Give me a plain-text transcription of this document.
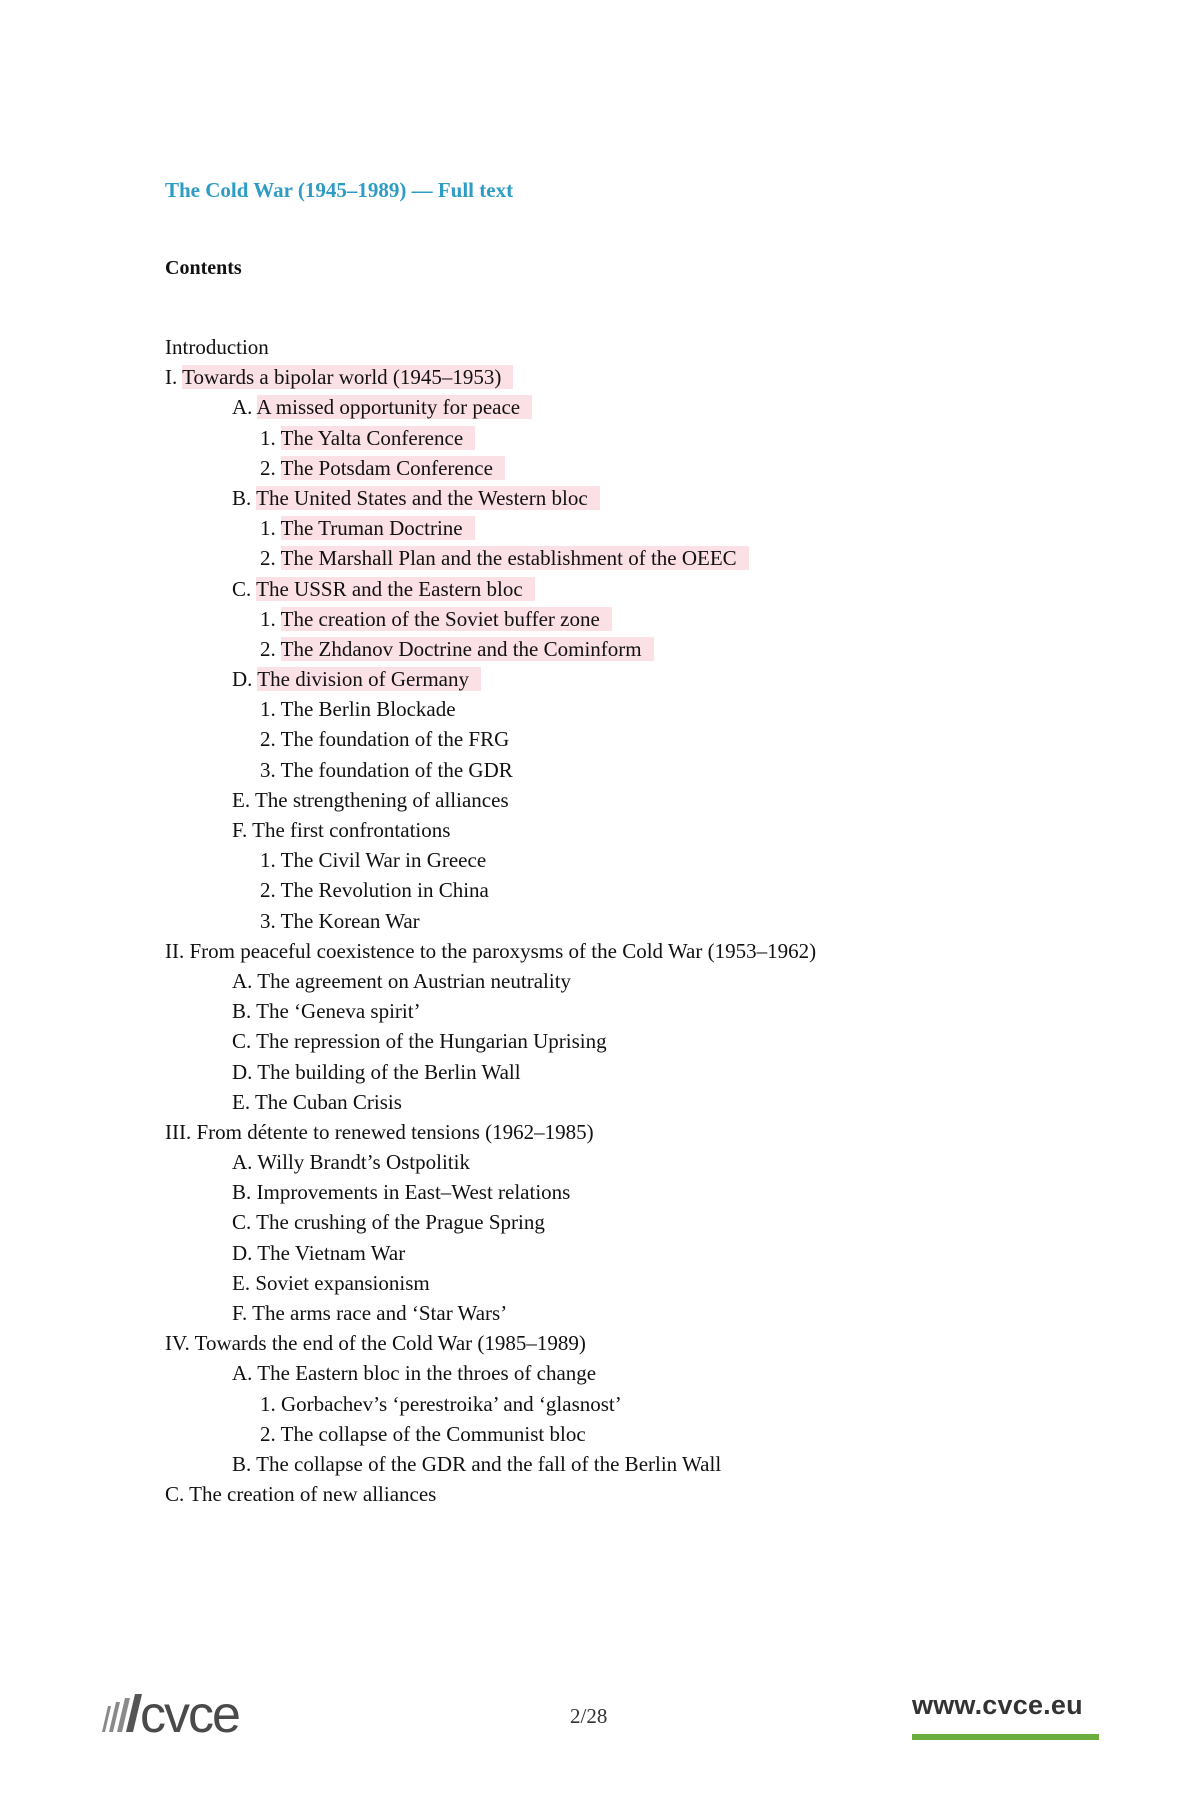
The Cold War (1945–1989) — Full text
Contents
Introduction
I. Towards a bipolar world (1945–1953)
A. A missed opportunity for peace
1. The Yalta Conference
2. The Potsdam Conference
B. The United States and the Western bloc
1. The Truman Doctrine
2. The Marshall Plan and the establishment of the OEEC
C. The USSR and the Eastern bloc
1. The creation of the Soviet buffer zone
2. The Zhdanov Doctrine and the Cominform
D. The division of Germany
1. The Berlin Blockade
2. The foundation of the FRG
3. The foundation of the GDR
E. The strengthening of alliances
F. The first confrontations
1. The Civil War in Greece
2. The Revolution in China
3. The Korean War
II. From peaceful coexistence to the paroxysms of the Cold War (1953–1962)
A. The agreement on Austrian neutrality
B. The ‘Geneva spirit’
C. The repression of the Hungarian Uprising
D. The building of the Berlin Wall
E. The Cuban Crisis
III. From détente to renewed tensions (1962–1985)
A. Willy Brandt’s Ostpolitik
B. Improvements in East–West relations
C. The crushing of the Prague Spring
D. The Vietnam War
E. Soviet expansionism
F. The arms race and ‘Star Wars’
IV. Towards the end of the Cold War (1985–1989)
A. The Eastern bloc in the throes of change
1. Gorbachev’s ‘perestroika’ and ‘glasnost’
2. The collapse of the Communist bloc
B. The collapse of the GDR and the fall of the Berlin Wall
C. The creation of new alliances
cvce	2/28	www.cvce.eu
